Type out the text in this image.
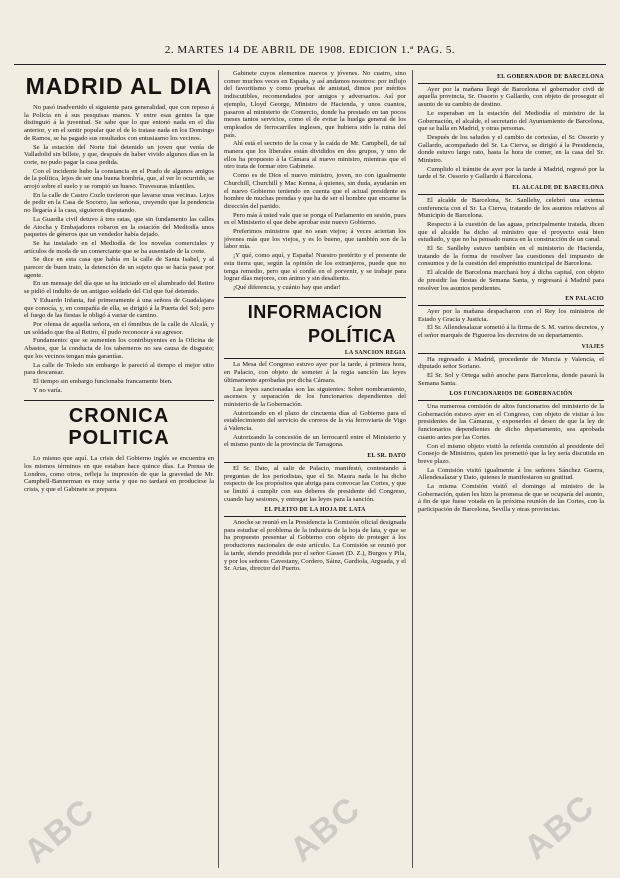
2. MARTES 14 DE ABRIL DE 1908. EDICION 1.ª PAG. 5.
MADRID AL DIA

No pasó inadvertido el siguiente para generalidad, que con reposo á la Policía en á sus pesquisas manos. Y entre esas gentes la que distinguió á la juventud. Se sabe que lo que entonó nada en el dia anterior, y en el sentir popular que el de lo tratase nada en los Domingo de Ramos, se ha pagado sus resultados con entusiasmo los vecinos.

Se la estación del Norte fué detenido un joven que venía de Valladolid sin billete, y que, después de haber vivido algunos días en la corte, no pudo pagar la casa pedida.

Con el incidente hubo la constancia en el Prado de algunos amigos de la política, lejos de ser una buena hombría, que, al ver lo ocurrido, se arrojó sobre el suelo y se rompió un hueso. Travesuras infantiles.

En la calle de Castro Cozlo tuvieron que lavarse unas vecinas. Lejos de pedir en la Casa de Socorro, las señoras, creyendo que la pendencia no llegaría á la casa, siguieron disputando.

La Guardia civil detuvo á tres ratas, que sin fundamento las calles de Atocha y Embajadores robaron en la estación del Mediodía unos paquetes de géneros que un vendedor había dejado.

Se ha instalado en el Mediodía de los novelas comerciales y artículos de moda de un comerciante que se ha ausentado de la corte.

Se dice en esta casa que había en la calle de Santa Isabel, y al parecer de buen trato, la detención de un sujeto que se hacía pasar por agente.

En un mensaje del día que se ha iniciado en el alumbrado del Retiro se pidió el indulto de un antiguo soldado del Cid que fué detenido.

Y Eduardo Infanta, fué primeramente á una señora de Guadalajara que conocía, y, en compañía de ella, se dirigió á la Puerta del Sol; pero el fuego de las fiestas le obligó á variar de camino.

Por ofensa de aquella señora, en el ómnibus de la calle de Alcalá, y un soldado que iba al Retiro, él pudo reconocer á su agresor.

Fundamento: que se aumenten los contribuyentes en la Oficina de Abastos, que la conducta de los taberneros no sea causa de disgusto; que los vecinos tengan más garantías.

La calle de Toledo sin embargo le pareció al tiempo el mejor sitio para descansar.

El tiempo sin embargo funcionaba francamente bien.

Y no varía.

CRONICA POLITICA

Lo mismo que aquí. La crisis del Gobierno inglés se encuentra en los mismos términos en que estaban hace quince días. La Prensa de Londres, como otros, refleja la impresión de que la gravedad de Mr. Campbell-Bannerman es muy seria y que no tardará en producirse la crisis, y que el Gabinete se prepara.

Gabinete cuyos elementos nuevos y jóvenes. No cuatro, sino comer muchos veces en España, y así andamos nosotros: por influjo del favoritismo y como pruebas de amistad, dimos por méritos indiscutibles, recomendados por amigos y adversarios. Así por ejemplo, Lloyd George, Ministro de Hacienda, y unos cuantos, pasaron al ministerio de Comercio, donde ha prestado en tan pocos meses tantos servicios, como el de evitar la huelga general de los empleados de ferrocarriles ingleses, que hubiera sido la ruina del país.

Ahí está el secreto de la cosa y la caída de Mr. Campbell, de tal manera que los liberales están divididos en dos grupos, y uno de ellos ha propuesto á la Cámara al nuevo ministro, mientras que el otro trata de formar otro Gabinete.

Como es de Dios el nuevo ministro, joven, no con igualmente Churchill, Churchill y Mac Kenna, á quienes, sin duda, ayudarán en el nuevo Gobierno teniendo en cuenta que el actual presidente es hombre de muchas prendas y que ha de ser el hombre que encarne la dirección del partido.

Pero más á usted vale que se ponga el Parlamento en sesión, pues es el Ministerio el que debe aprobar este nuevo Gobierno.

Preferimos ministros que no sean viejos; á veces aciertan los jóvenes más que los viejos, y es lo bueno, que también son de la labor mía.

¡Y qué, como aquí, y España! Nuestro pretérito y el presente de esta tierra que, según la opinión de los extranjeros, puede que no tenga remedio, pero que sí confíe en el porvenir, y se trabaje para lograr días mejores, con ánimo y sin desaliento.

¡Qué diferencia, y cuánto hay que andar!

INFORMACION
POLÍTICA
LA SANCION REGIA

La Mesa del Congreso estuvo ayer por la tarde, á primera hora, en Palacio, con objeto de someter á la regia sanción las leyes últimamente aprobadas por dicha Cámara.

Las leyes sancionadas son las siguientes: Sobre nombramiento, ascensos y separación de los funcionarios dependientes del ministerio de la Gobernación.

Autorizando en el plazo de cincuenta días al Gobierno para el establecimiento del servicio de correos de la vía ferroviaria de Vigo á Valencia.

Autorizando la concesión de un ferrocarril entre el Ministerio y el mismo punto de la provincia de Tarragona.

EL SR. DATO

El Sr. Dato, al salir de Palacio, manifestó, contestando á preguntas de los periodistas, que el Sr. Maura nada le ha dicho respecto de los propósitos que abriga para convocar las Cortes, y que se limitó á cumplir con sus deberes de presidente del Congreso, cuando hay sesiones, y entregar las leyes para la sanción.

EL PLEITO DE LA HOJA DE LATA

Anoche se reunió en la Presidencia la Comisión oficial designada para estudiar el problema de la industria de la hoja de lata, y que se ha propuesto presentar al Gobierno con objeto de proteger á los productores nacionales de este artículo. La Comisión se reunió por la tarde, siendo presidida por el señor Gasset (D. Z.), Burgos y Pila, y por los señores Cavestany, Cordero, Sáinz, Gardiola, Arguada, y el Sr. Arias, director del Puerto.

EL GOBERNADOR DE BARCELONA

Ayer por la mañana llegó de Barcelona el gobernador civil de aquella provincia, Sr. Ossorio y Gallardo, con objeto de proseguir el asunto de su cambio de destino.

Le esperaban en la estación del Mediodía el ministro de la Gobernación, el alcalde, el secretario del Ayuntamiento de Barcelona, que se halla en Madrid, y otras personas.

Después de los saludos y el cambio de cortesías, el Sr. Ossorio y Gallardo, acompañado del Sr. La Cierva, se dirigió á la Presidencia, donde estuvo largo rato, hasta la hora de comer, en la casa del Sr. Ministro.

Cumplido el trámite de ayer por la tarde á Madrid, regresó por la tarde el Sr. Ossorio y Gallardo á Barcelona.

EL ALCALDE DE BARCELONA

El alcalde de Barcelona, Sr. Sanllehy, celebró una extensa conferencia con el Sr. La Cierva, tratando de los asuntos relativos al Municipio de Barcelona.

Respecto á la cuestión de las aguas, principalmente tratada, dicen que el alcalde ha dicho al ministro que el proyecto está bien estudiado, y que no ha pensado nunca en la construcción de un canal.

El Sr. Sanllehy estuvo también en el ministerio de Hacienda, tratando de la forma de resolver las cuestiones del impuesto de consumos y de la cuestión del empréstito municipal de Barcelona.

El alcalde de Barcelona marchará hoy á dicha capital, con objeto de presidir las fiestas de Semana Santa, y regresará á Madrid para resolver los asuntos pendientes.

EN PALACIO

Ayer por la mañana despacharon con el Rey los ministros de Estado y Gracia y Justicia.

El Sr. Allendesalazar sometió á la firma de S. M. varios decretos, y el señor marqués de Figueroa los decretos de su departamento.

VIAJES

Ha regresado á Madrid, procedente de Murcia y Valencia, el diputado señor Soriano.

El Sr. Sol y Ortega salió anoche para Barcelona, donde pasará la Semana Santa.

LOS FUNCIONARIOS DE GOBERNACIÓN

Una numerosa comisión de altos funcionarios del ministerio de la Gobernación estuvo ayer en el Congreso, con objeto de visitar á los presidentes de las Cámaras, y exponerles el deseo de que la ley de funcionarios dependientes de dicho departamento, sea aprobada cuanto antes por las Cortes.

Con el mismo objeto visitó la referida comisión al presidente del Consejo de Ministros, quien les prometió que la ley sería discutida en breve plazo.

La Comisión visitó igualmente á los señores Sánchez Guerra, Allendesalazar y Dato, quienes le manifestaron su gratitud.

La misma Comisión visitó el domingo al ministro de la Gobernación, quien les hizo la promesa de que se ocuparía del asunto, á fin de que fuese votada en la próxima reunión de las Cortes, con la participación de Barcelona, Sevilla y otras provincias.

ABC	ABC	ABC
